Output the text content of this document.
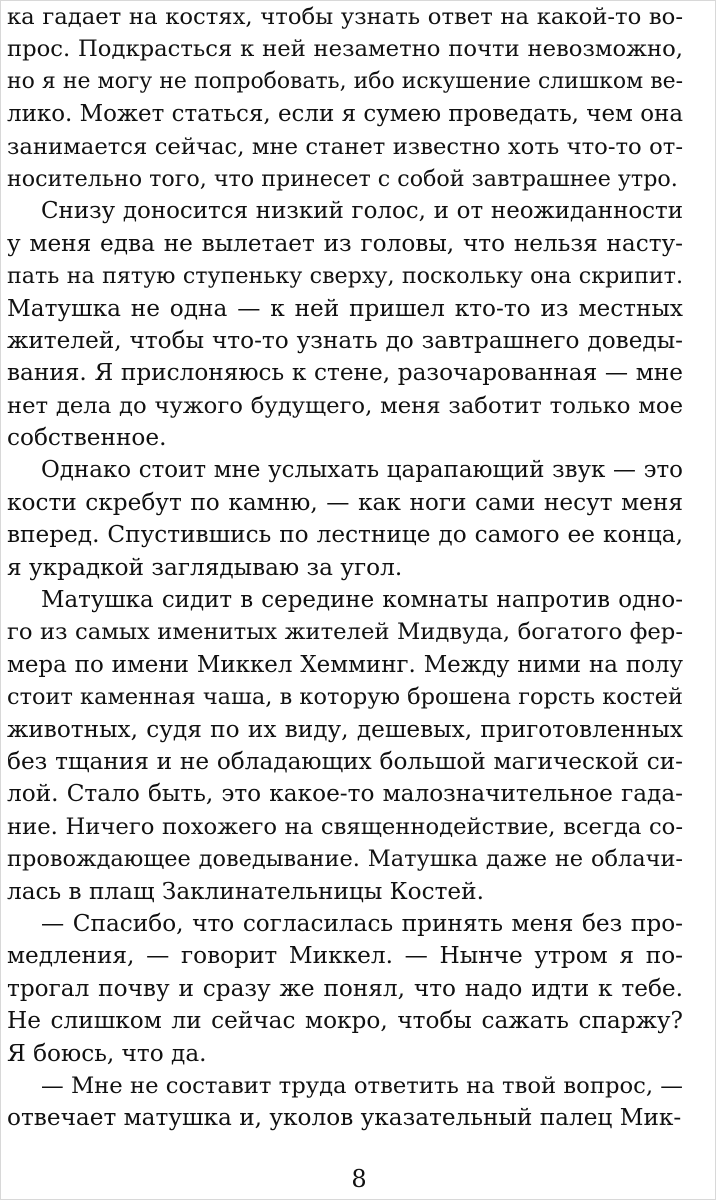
ка гадает на костях, чтобы узнать ответ на какой-то во-
прос. Подкрасться к ней незаметно почти невозможно,
но я не могу не попробовать, ибо искушение слишком ве-
лико. Может статься, если я сумею проведать, чем она
занимается сейчас, мне станет известно хоть что-то от-
носительно того, что принесет с собой завтрашнее утро.
Снизу доносится низкий голос, и от неожиданности
у меня едва не вылетает из головы, что нельзя насту-
пать на пятую ступеньку сверху, поскольку она скрипит.
Матушка не одна — к ней пришел кто-то из местных
жителей, чтобы что-то узнать до завтрашнего доведы-
вания. Я прислоняюсь к стене, разочарованная — мне
нет дела до чужого будущего, меня заботит только мое
собственное.
Однако стоит мне услыхать царапающий звук — это
кости скребут по камню, — как ноги сами несут меня
вперед. Спустившись по лестнице до самого ее конца,
я украдкой заглядываю за угол.
Матушка сидит в середине комнаты напротив одно-
го из самых именитых жителей Мидвуда, богатого фер-
мера по имени Миккел Хемминг. Между ними на полу
стоит каменная чаша, в которую брошена горсть костей
животных, судя по их виду, дешевых, приготовленных
без тщания и не обладающих большой магической си-
лой. Стало быть, это какое-то малозначительное гада-
ние. Ничего похожего на священнодействие, всегда со-
провождающее доведывание. Матушка даже не облачи-
лась в плащ Заклинательницы Костей.
— Спасибо, что согласилась принять меня без про-
медления, — говорит Миккел. — Нынче утром я по-
трогал почву и сразу же понял, что надо идти к тебе.
Не слишком ли сейчас мокро, чтобы сажать спаржу?
Я боюсь, что да.
— Мне не составит труда ответить на твой вопрос, —
отвечает матушка и, уколов указательный палец Мик-
8
